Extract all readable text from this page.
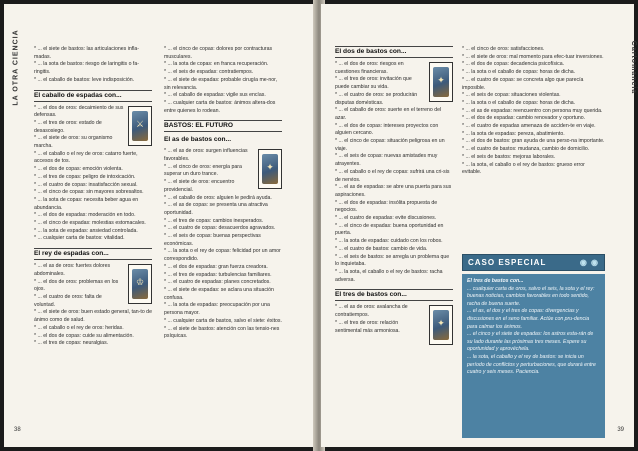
LA OTRA CIENCIA	* ... el siete de bastos: las articulaciones infla-madas.

* ... la sota de bastos: riesgo de laringitis o fa-ringitis.

* ... el caballo de bastos: leve indisposición.

El caballo de espadas con...
⚔

* ... el dos de oros: decaimiento de sus defensas.

* ... el tres de oros: estado de desasosiego.

* ... el siete de oros: su organismo marcha.

* ... el caballo o el rey de oros: catarro fuerte, accesos de tos.

* ... el dos de copas: emoción violenta.

* ... el tres de copas: peligro de intoxicación.

* ... el cuatro de copas: insatisfacción sexual.

* ... el cinco de copas: sin mayores sobresaltos.

* ... la sota de copas: necesita beber agua en abundancia.

* ... el dos de espadas: moderación en todo.

* ... el cinco de espadas: molestias estomacales.

* ... la sota de espadas: ansiedad controlada.

* ... cualquier carta de bastos: vitalidad.

El rey de espadas con...
♔

* ... el as de oros: fuertes dolores abdominales.

* ... el dos de oros: problemas en los ojos.

* ... el cuatro de oros: falta de voluntad.

* ... el siete de oros: buen estado general, tan-to de ánimo como de salud.

* ... el caballo o el rey de oros: heridas.

* ... el dos de copas: cuide su alimentación.

* ... el tres de copas: neuralgias.

* ... el cinco de copas: dolores por contracturas musculares.

* ... la sota de copas: en franca recuperación.

* ... el seis de espadas: contratiempos.

* ... el siete de espadas: probable cirugía me-nor, sin relevancia.

* ... el caballo de espadas: vigile sus encías.

* ... cualquier carta de bastos: ánimos altera-dos entre quienes lo rodean.

BASTOS: EL FUTURO
El as de bastos con...
✦

* ... el as de oros: surgen influencias favorables.

* ... el cinco de oros: energía para superar un duro trance.

* ... el siete de oros: encuentro providencial.

* ... el caballo de oros: alguien le pedirá ayuda.

* ... el as de copas: se presenta una atractiva oportunidad.

* ... el tres de copas: cambios inesperados.

* ... el cuatro de copas: desacuerdos agravados.

* ... el seis de copas: buenas perspectivas económicas.

* ... la sota o el rey de copas: felicidad por un amor correspondido.

* ... el dos de espadas: gran fuerza creadora.

* ... el tres de espadas: turbulencias familiares.

* ... el cuatro de espadas: planes concretados.

* ... el siete de espadas: se aclara una situación confusa.

* ... la sota de espadas: preocupación por una persona mayor.

* ... cualquier carta de bastos, salvo el siete: éxitos.

* ... el siete de bastos: atención con las tensio-nes psíquicas.

38
Cartomancia
El dos de bastos con...
✦

* ... el dos de oros: riesgos en cuestiones financieras.

* ... el tres de oros: invitación que puede cambiar su vida.

* ... el cuatro de oros: se producirán disputas domésticas.

* ... el caballo de oros: suerte en el terreno del azar.

* ... el dos de copas: intereses proyectos con alguien cercano.

* ... el cinco de copas: situación peligrosa en un viaje.

* ... el seis de copas: nuevas amistades muy atrayentes.

* ... el caballo o el rey de copas: sufrirá una cri-sis de nervios.

* ... el as de espadas: se abre una puerta para sus aspiraciones.

* ... el dos de espadas: insólita propuesta de negocios.

* ... el cuatro de espadas: evite discusiones.

* ... el cinco de espadas: buena oportunidad en puerta.

* ... la sota de espadas: cuidado con los robos.

* ... el cuatro de bastos: cambio de vida.

* ... el seis de bastos: se arregla un problema que lo inquietaba.

* ... la sota, el caballo o el rey de bastos: racha adversa.

El tres de bastos con...
✦

* ... el as de oros: avalancha de contratiempos.

* ... el tres de oros: relación sentimental más armoniosa.

* ... el cinco de oros: satisfacciones.

* ... el siete de oros: mal momento para efec-tuar inversiones.

* ... el dos de copas: decadencia psicofísica.

* ... la sota o el caballo de copas: horas de dicha.

* ... el cuatro de copas: se concreta algo que parecía imposible.

* ... el seis de copas: situaciones violentas.

* ... la sota o el caballo de copas: horas de dicha.

* ... el as de espadas: reencuentro con persona muy querida.

* ... el dos de espadas: cambio renovador y oportuno.

* ... el cuatro de espadas amenaza de acciden-te en viaje.

* ... la sota de espadas: pereza, abatimiento.

* ... el dos de bastos: gran ayuda de una perso-na importante.

* ... el cuatro de bastos: mudanza, cambio de domicilio.

* ... el seis de bastos: mejoras laborales.

* ... la sota, el caballo o el rey de bastos: grueso error evitable.

CASO ESPECIAL	◉ ◉

El tres de bastos con...

... cualquier carta de oros, salvo el seis, la sota y el rey: buenas noticias, cambios favorables en todo sentido, racha de buena suerte.

... el as, el dos y el tres de copas: divergencias y discusiones en el seno familiar. Actúe con pru-dencia para calmar los ánimos.

... el cinco y el siete de espadas: los astros esta-rán de su lado durante las próximas tres meses. Espere su oportunidad y aprovéchela.

... la sota, el caballo y el rey de bastos: se inicia un período de conflictos y perturbaciones, que durará entre cuatro y seis meses. Paciencia.

39
